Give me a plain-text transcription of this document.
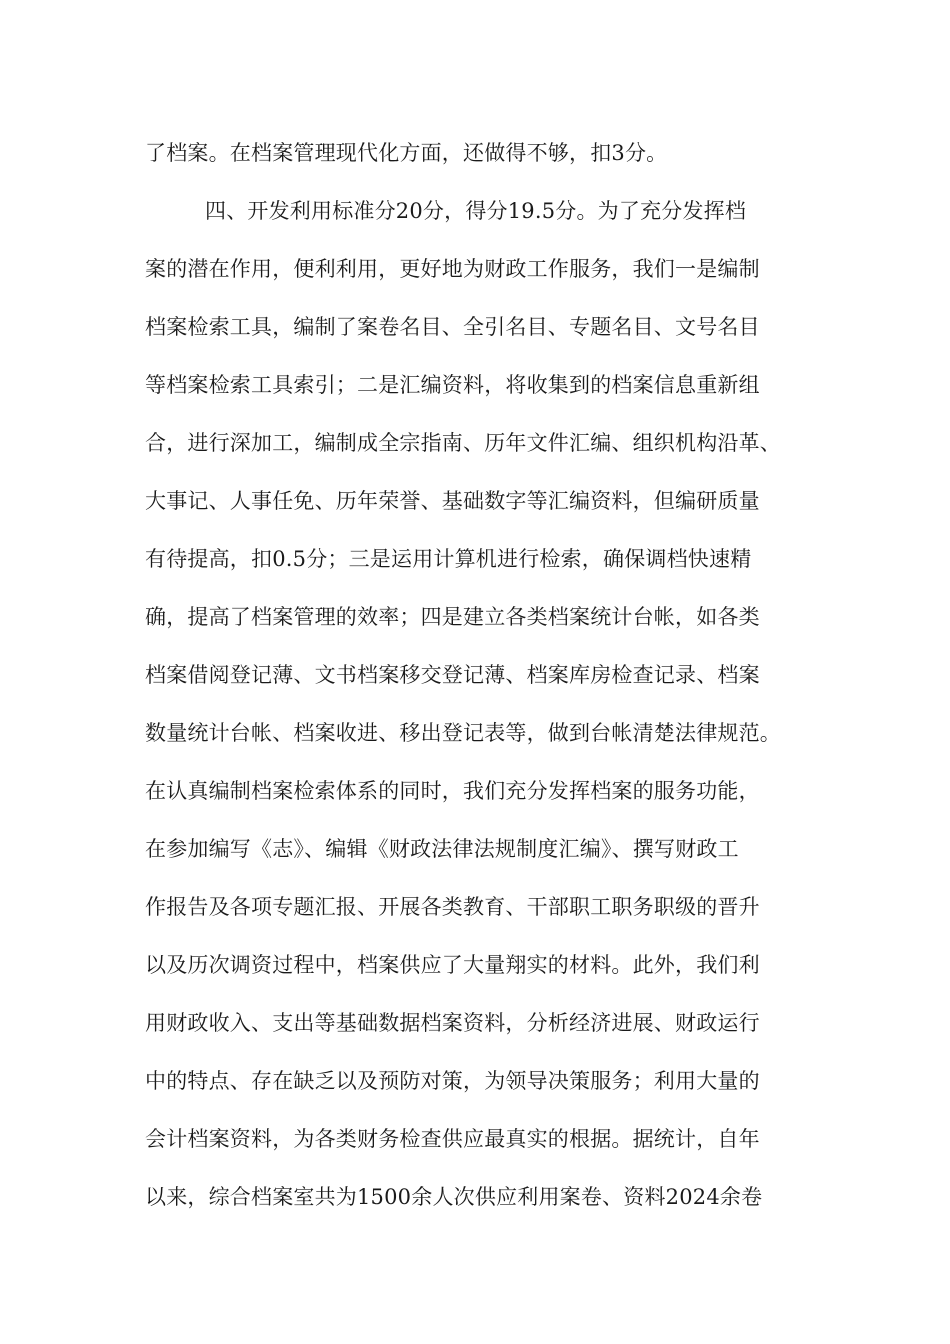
了档案。在档案管理现代化方面，还做得不够，扣3分。
四、开发利用标准分20分，得分19.5分。为了充分发挥档
案的潜在作用，便利利用，更好地为财政工作服务，我们一是编制
档案检索工具，编制了案卷名目、全引名目、专题名目、文号名目
等档案检索工具索引；二是汇编资料，将收集到的档案信息重新组
合，进行深加工，编制成全宗指南、历年文件汇编、组织机构沿革、
大事记、人事任免、历年荣誉、基础数字等汇编资料，但编研质量
有待提高，扣0.5分；三是运用计算机进行检索，确保调档快速精
确，提高了档案管理的效率；四是建立各类档案统计台帐，如各类
档案借阅登记薄、文书档案移交登记薄、档案库房检查记录、档案
数量统计台帐、档案收进、移出登记表等，做到台帐清楚法律规范。
在认真编制档案检索体系的同时，我们充分发挥档案的服务功能，
在参加编写《志》、编辑《财政法律法规制度汇编》、撰写财政工
作报告及各项专题汇报、开展各类教育、干部职工职务职级的晋升
以及历次调资过程中，档案供应了大量翔实的材料。此外，我们利
用财政收入、支出等基础数据档案资料，分析经济进展、财政运行
中的特点、存在缺乏以及预防对策，为领导决策服务；利用大量的
会计档案资料，为各类财务检查供应最真实的根据。据统计，自年
以来，综合档案室共为1500余人次供应利用案卷、资料2024余卷
